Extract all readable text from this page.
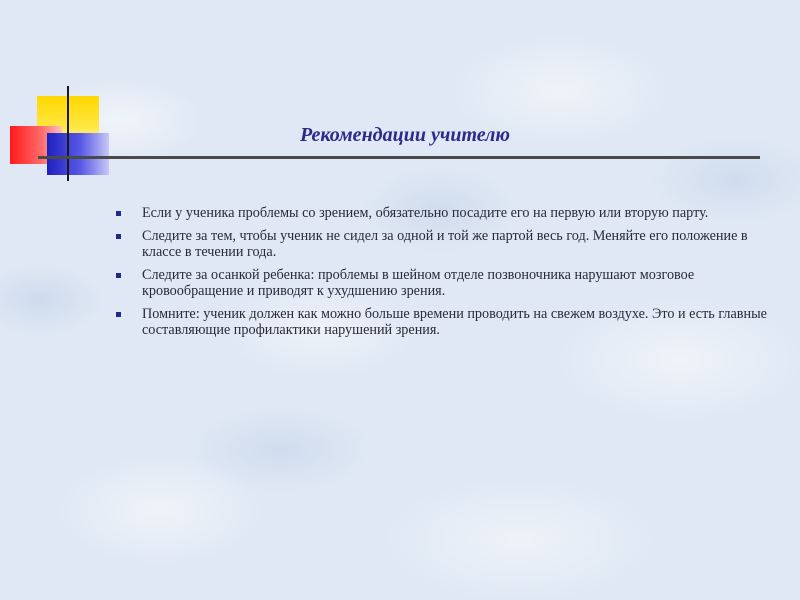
Рекомендации учителю
Если у ученика проблемы со зрением, обязательно посадите его на первую или вторую парту.
Следите за тем, чтобы ученик не сидел за одной и той же партой весь год. Меняйте его положение в классе в течении года.
Следите за осанкой ребенка: проблемы в шейном отделе позвоночника нарушают мозговое кровообращение и приводят к ухудшению зрения.
Помните: ученик должен как можно больше времени проводить на свежем воздухе. Это и есть главные составляющие профилактики нарушений зрения.
